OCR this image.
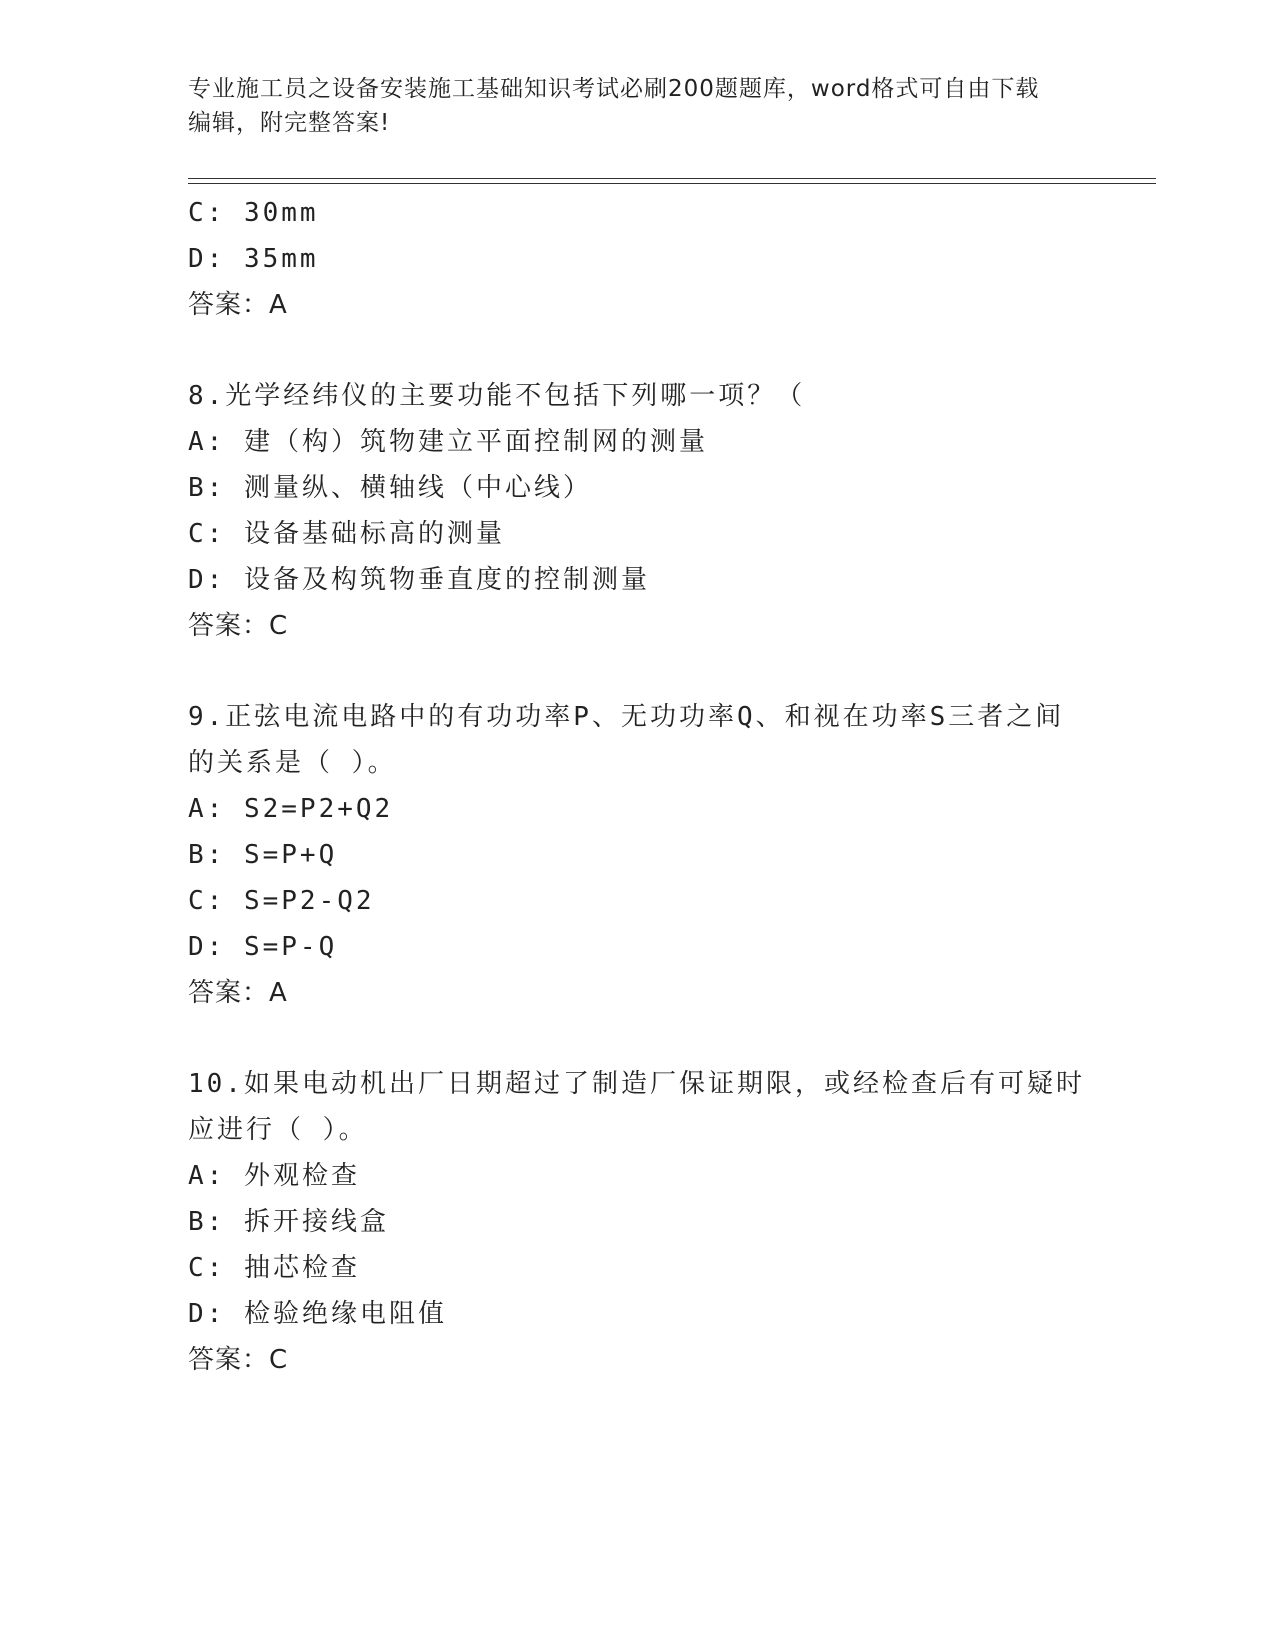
专业施工员之设备安装施工基础知识考试必刷200题题库，word格式可自由下载
编辑，附完整答案!
C: 30mm
D: 35mm
答案：A
8.光学经纬仪的主要功能不包括下列哪一项？（
A: 建（构）筑物建立平面控制网的测量
B: 测量纵、横轴线（中心线）
C: 设备基础标高的测量
D: 设备及构筑物垂直度的控制测量
答案：C
9.正弦电流电路中的有功功率P、无功功率Q、和视在功率S三者之间
的关系是（ ）。
A: S2=P2+Q2
B: S=P+Q
C: S=P2-Q2
D: S=P-Q
答案：A
10.如果电动机出厂日期超过了制造厂保证期限，或经检查后有可疑时
应进行（ ）。
A: 外观检查
B: 拆开接线盒
C: 抽芯检查
D: 检验绝缘电阻值
答案：C
